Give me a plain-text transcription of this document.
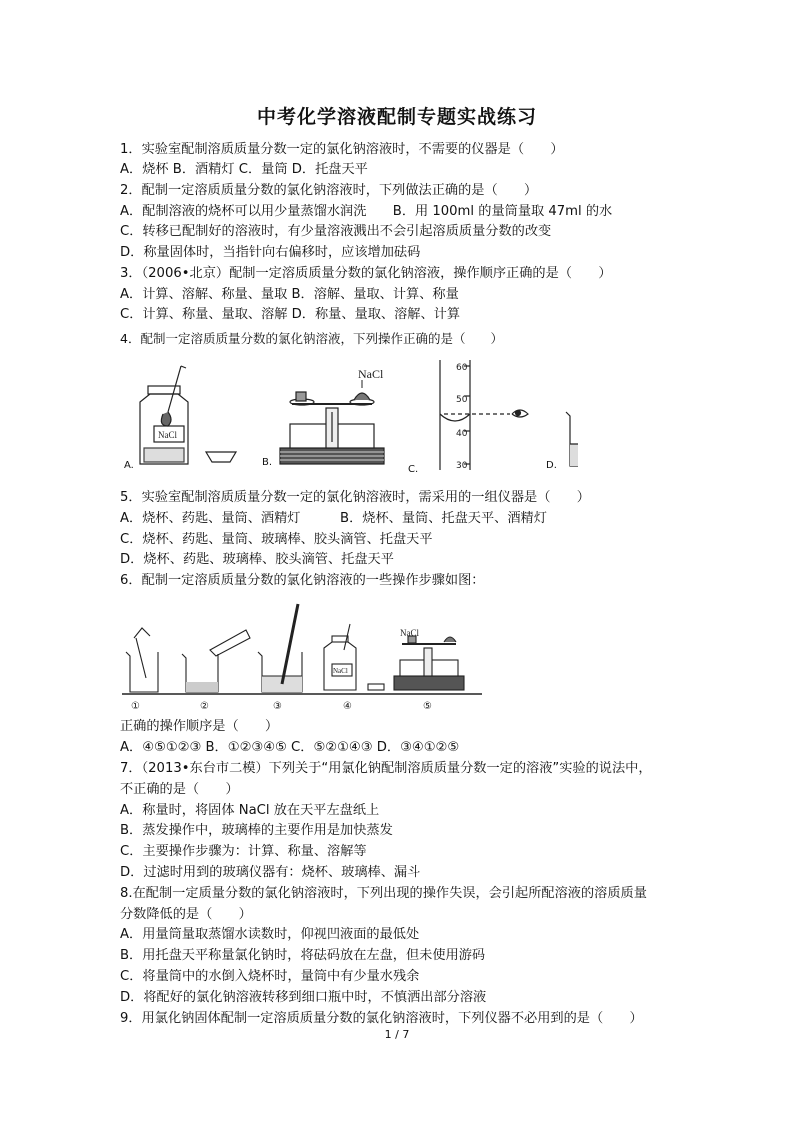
中考化学溶液配制专题实战练习
1．实验室配制溶质质量分数一定的氯化钠溶液时，不需要的仪器是（　　）
A．烧杯 B．酒精灯 C．量筒 D．托盘天平
2．配制一定溶质质量分数的氯化钠溶液时，下列做法正确的是（　　）
A．配制溶液的烧杯可以用少量蒸馏水润洗　　B．用 100ml 的量筒量取 47ml 的水
C．转移已配制好的溶液时，有少量溶液溅出不会引起溶质质量分数的改变
D．称量固体时，当指针向右偏移时，应该增加砝码
3．（2006•北京）配制一定溶质质量分数的氯化钠溶液，操作顺序正确的是（　　）
A．计算、溶解、称量、量取 B．溶解、量取、计算、称量
C．计算、称量、量取、溶解 D．称量、量取、溶解、计算
4．配制一定溶质质量分数的氯化钠溶液，下列操作正确的是（　　）
NaCl
NaCl	60
50
40
30
A.	B.
C.	D.
5．实验室配制溶质质量分数一定的氯化钠溶液时，需采用的一组仪器是（　　）
A．烧杯、药匙、量筒、酒精灯　　　B．烧杯、量筒、托盘天平、酒精灯
C．烧杯、药匙、量筒、玻璃棒、胶头滴管、托盘天平
D．烧杯、药匙、玻璃棒、胶头滴管、托盘天平
6．配制一定溶质质量分数的氯化钠溶液的一些操作步骤如图：
NaCl
NaCl
①	②	③	④	⑤
正确的操作顺序是（　　）
A．④⑤①②③ B．①②③④⑤ C．⑤②①④③ D．③④①②⑤
7．（2013•东台市二模）下列关于“用氯化钠配制溶质质量分数一定的溶液”实验的说法中，
不正确的是（　　）
A．称量时，将固体 NaCl 放在天平左盘纸上
B．蒸发操作中，玻璃棒的主要作用是加快蒸发
C．主要操作步骤为：计算、称量、溶解等
D．过滤时用到的玻璃仪器有：烧杯、玻璃棒、漏斗
8.在配制一定质量分数的氯化钠溶液时，下列出现的操作失误，会引起所配溶液的溶质质量
分数降低的是（　　）
A．用量筒量取蒸馏水读数时，仰视凹液面的最低处
B．用托盘天平称量氯化钠时，将砝码放在左盘，但未使用游码
C．将量筒中的水倒入烧杯时，量筒中有少量水残余
D．将配好的氯化钠溶液转移到细口瓶中时，不慎洒出部分溶液
9．用氯化钠固体配制一定溶质质量分数的氯化钠溶液时，下列仪器不必用到的是（　　）
1 / 7
